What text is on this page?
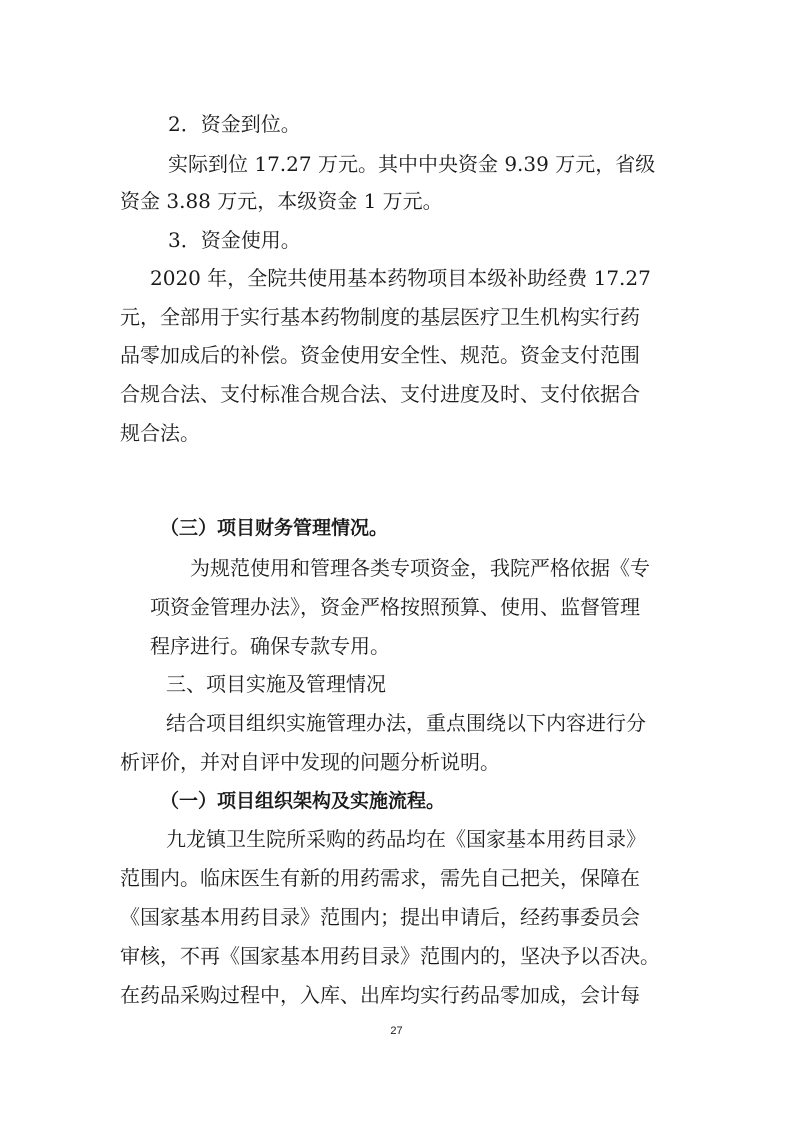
2．资金到位。
实际到位 17.27 万元。其中中央资金 9.39 万元，省级
资金 3.88 万元，本级资金 1 万元。
3．资金使用。
2020 年，全院共使用基本药物项目本级补助经费 17.27
元，全部用于实行基本药物制度的基层医疗卫生机构实行药
品零加成后的补偿。资金使用安全性、规范。资金支付范围
合规合法、支付标准合规合法、支付进度及时、支付依据合
规合法。
（三）项目财务管理情况。
为规范使用和管理各类专项资金，我院严格依据《专
项资金管理办法》，资金严格按照预算、使用、监督管理
程序进行。确保专款专用。
三、项目实施及管理情况
结合项目组织实施管理办法，重点围绕以下内容进行分
析评价，并对自评中发现的问题分析说明。
（一）项目组织架构及实施流程。
九龙镇卫生院所采购的药品均在《国家基本用药目录》
范围内。临床医生有新的用药需求，需先自己把关，保障在
《国家基本用药目录》范围内；提出申请后，经药事委员会
审核，不再《国家基本用药目录》范围内的，坚决予以否决。
在药品采购过程中，入库、出库均实行药品零加成，会计每
27
